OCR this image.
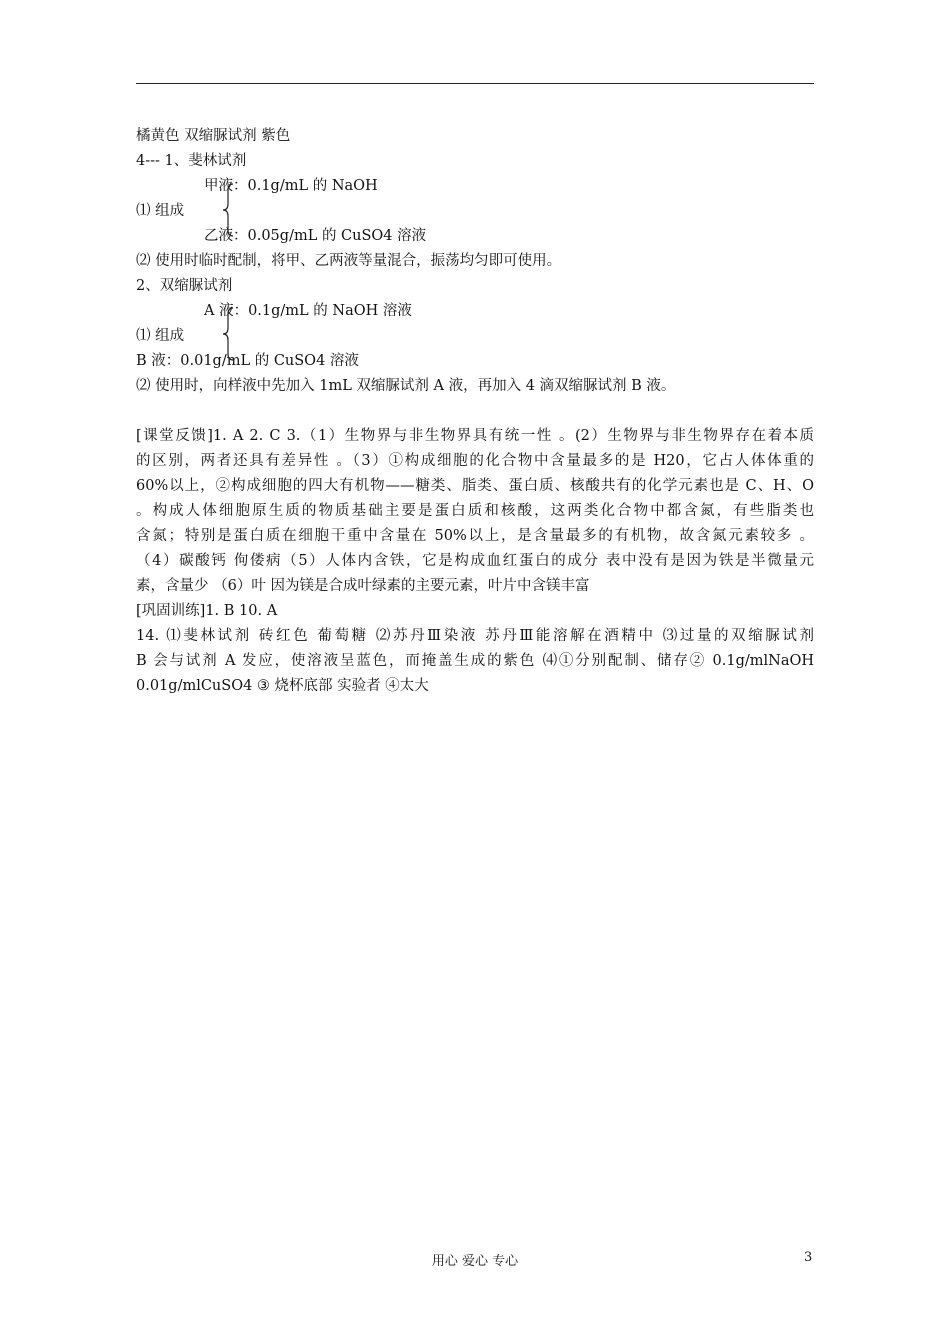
橘黄色 双缩脲试剂 紫色
4--- 1、斐林试剂
甲液：0.1g/mL 的 NaOH
⑴ 组成
乙液：0.05g/mL 的 CuSO4 溶液
⑵ 使用时临时配制，将甲、乙两液等量混合，振荡均匀即可使用。
2、双缩脲试剂
A 液：0.1g/mL 的 NaOH 溶液
⑴ 组成
B 液：0.01g/mL 的 CuSO4 溶液
⑵ 使用时，向样液中先加入 1mL 双缩脲试剂 A 液，再加入 4 滴双缩脲试剂 B 液。
[课堂反馈]1. A 2. C 3.（1）生物界与非生物界具有统一性 。(2）生物界与非生物界存在着本质
的区别，两者还具有差异性 。（3）①构成细胞的化合物中含量最多的是 H20，它占人体体重的
60%以上，②构成细胞的四大有机物——糖类、脂类、蛋白质、核酸共有的化学元素也是 C、H、O
。构成人体细胞原生质的物质基础主要是蛋白质和核酸，这两类化合物中都含氮，有些脂类也
含氮；特别是蛋白质在细胞干重中含量在 50%以上，是含量最多的有机物，故含氮元素较多 。
（4）碳酸钙 佝偻病（5）人体内含铁，它是构成血红蛋白的成分 表中没有是因为铁是半微量元
素，含量少 （6）叶 因为镁是合成叶绿素的主要元素，叶片中含镁丰富
[巩固训练]1. B 10. A
14. ⑴斐林试剂 砖红色 葡萄糖 ⑵苏丹Ⅲ染液 苏丹Ⅲ能溶解在酒精中 ⑶过量的双缩脲试剂
B 会与试剂 A 发应，使溶液呈蓝色，而掩盖生成的紫色 ⑷①分别配制、储存② 0.1g/mlNaOH
0.01g/mlCuSO4 ③ 烧杯底部 实验者 ④太大
用心 爱心 专心	3
